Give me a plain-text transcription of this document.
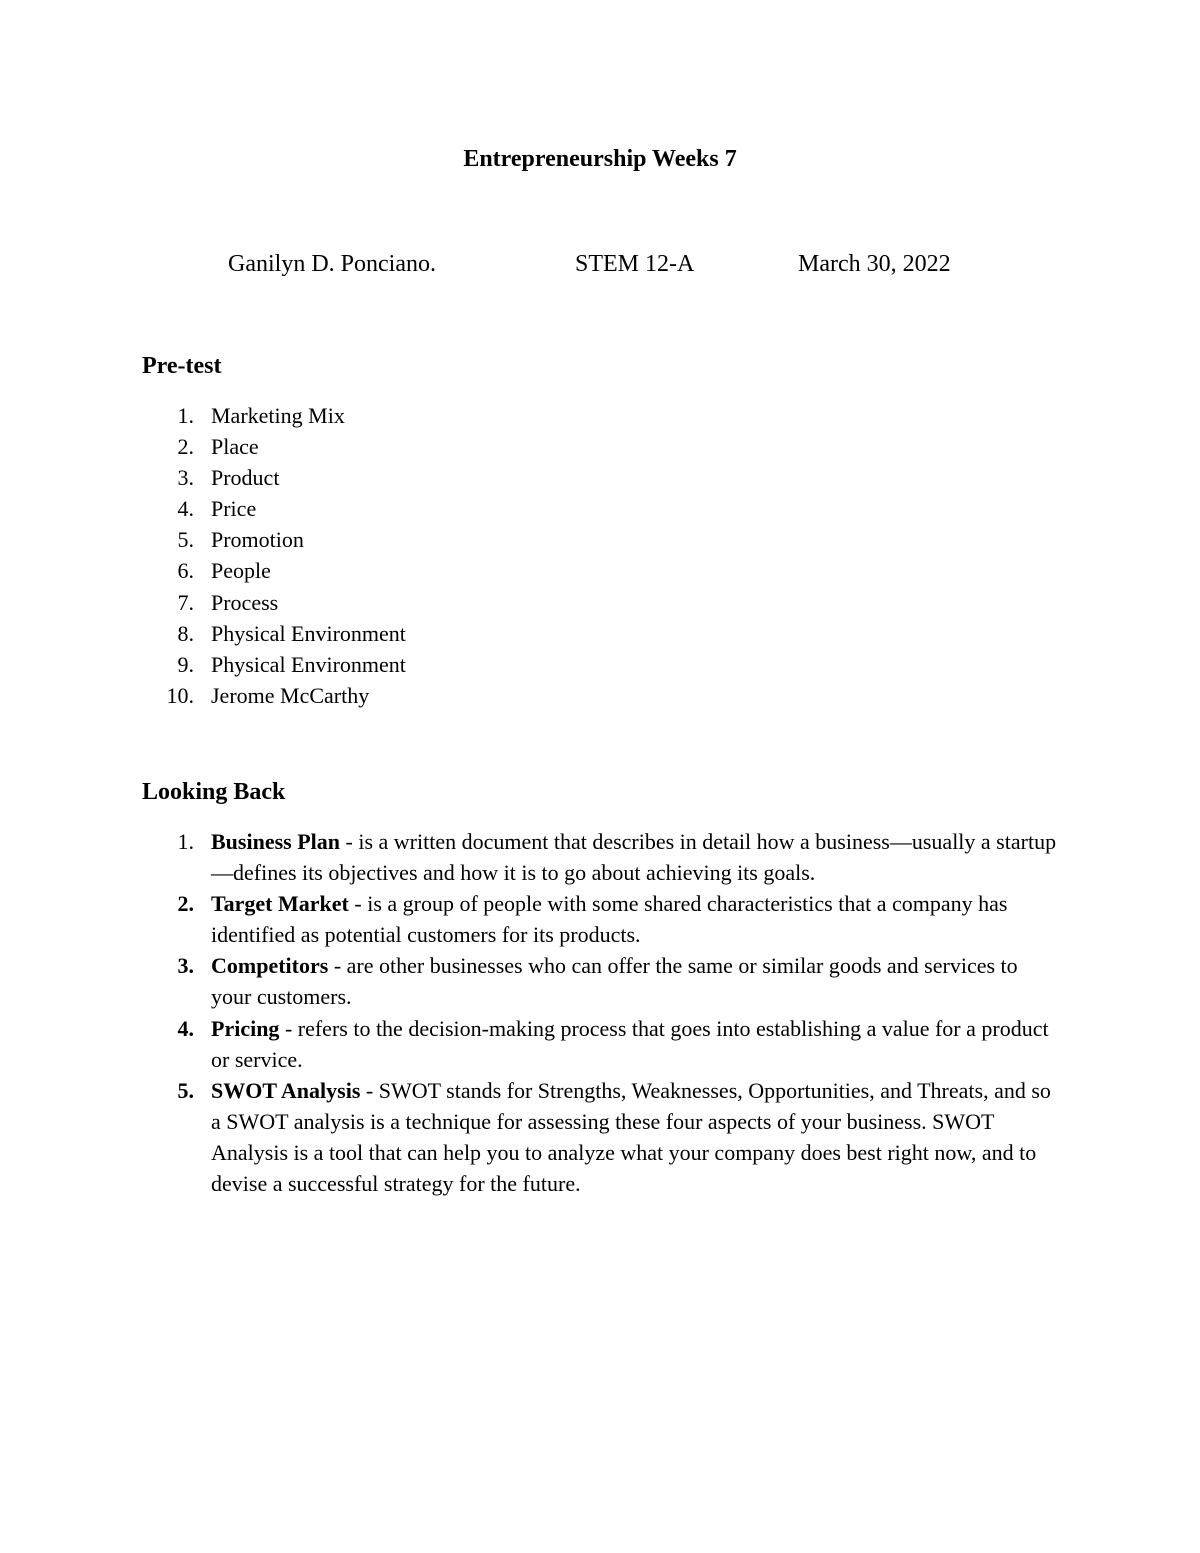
Entrepreneurship Weeks 7
Ganilyn D. Ponciano.	STEM 12-A	March 30, 2022
Pre-test
1. Marketing Mix
2. Place
3. Product
4. Price
5. Promotion
6. People
7. Process
8. Physical Environment
9. Physical Environment
10. Jerome McCarthy
Looking Back
1. Business Plan - is a written document that describes in detail how a business—usually a startup—defines its objectives and how it is to go about achieving its goals.
2. Target Market - is a group of people with some shared characteristics that a company has identified as potential customers for its products.
3. Competitors - are other businesses who can offer the same or similar goods and services to your customers.
4. Pricing - refers to the decision-making process that goes into establishing a value for a product or service.
5. SWOT Analysis - SWOT stands for Strengths, Weaknesses, Opportunities, and Threats, and so a SWOT analysis is a technique for assessing these four aspects of your business. SWOT Analysis is a tool that can help you to analyze what your company does best right now, and to devise a successful strategy for the future.
